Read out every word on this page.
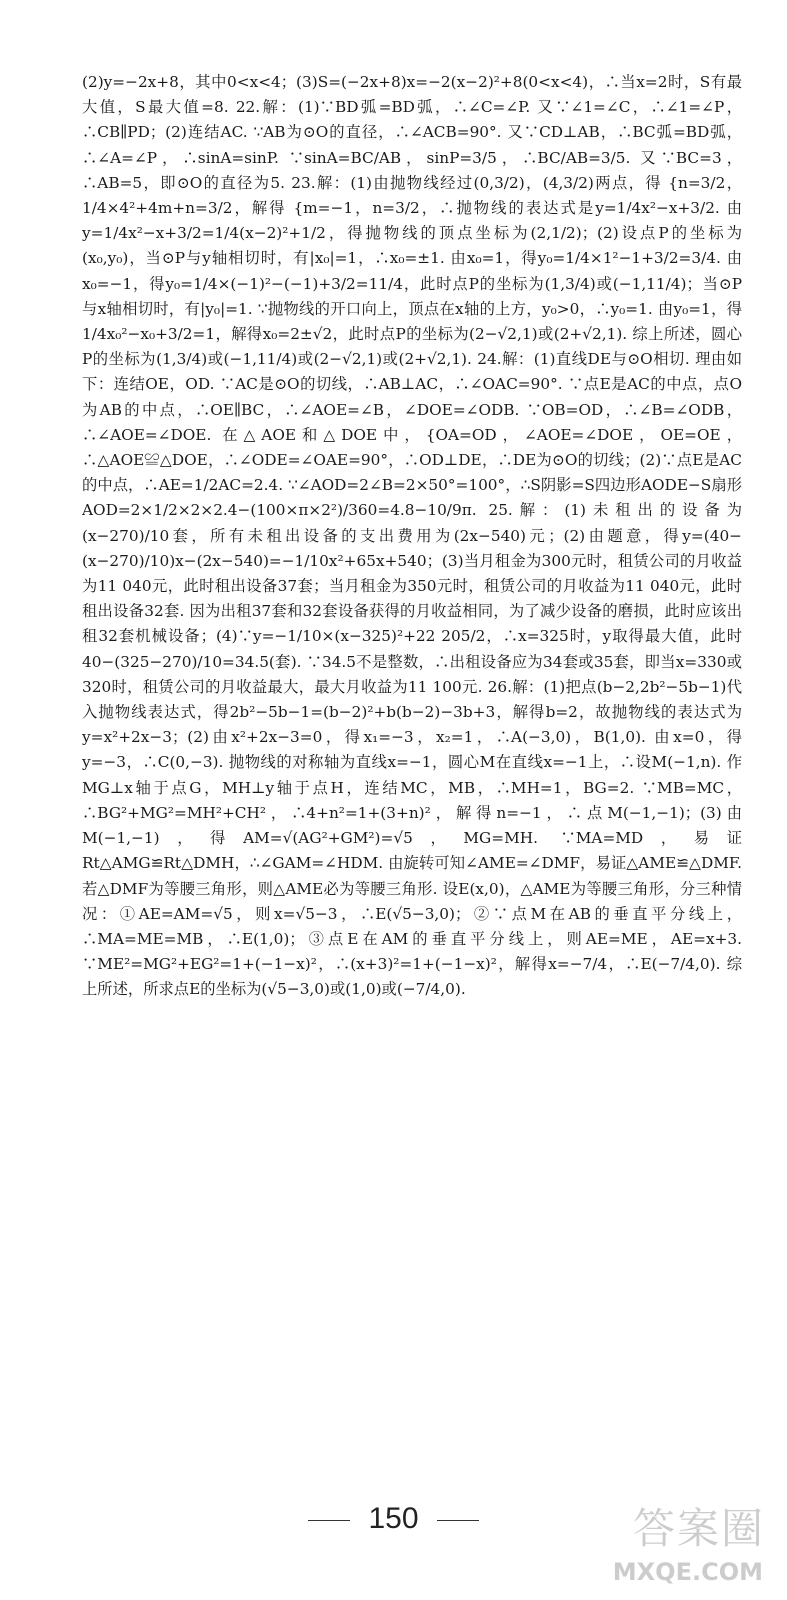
(2)y=−2x+8，其中0<x<4；(3)S=(−2x+8)x=−2(x−2)²+8(0<x<4)，∴当x=2时，S有最大值，S最大值=8. 22.解：(1)∵BD弧=BD弧，∴∠C=∠P. 又∵∠1=∠C，∴∠1=∠P，∴CB∥PD；(2)连结AC. ∵AB为⊙O的直径，∴∠ACB=90°. 又∵CD⊥AB，∴BC弧=BD弧，∴∠A=∠P，∴sinA=sinP. ∵sinA=BC/AB，sinP=3/5，∴BC/AB=3/5. 又∵BC=3，∴AB=5，即⊙O的直径为5. 23.解：(1)由抛物线经过(0,3/2)，(4,3/2)两点，得 {n=3/2，1/4×4²+4m+n=3/2，解得 {m=−1，n=3/2，∴抛物线的表达式是y=1/4x²−x+3/2. 由y=1/4x²−x+3/2=1/4(x−2)²+1/2，得抛物线的顶点坐标为(2,1/2)；(2)设点P的坐标为(x₀,y₀)，当⊙P与y轴相切时，有|x₀|=1，∴x₀=±1. 由x₀=1，得y₀=1/4×1²−1+3/2=3/4. 由x₀=−1，得y₀=1/4×(−1)²−(−1)+3/2=11/4，此时点P的坐标为(1,3/4)或(−1,11/4)；当⊙P与x轴相切时，有|y₀|=1. ∵抛物线的开口向上，顶点在x轴的上方，y₀>0，∴y₀=1. 由y₀=1，得1/4x₀²−x₀+3/2=1，解得x₀=2±√2，此时点P的坐标为(2−√2,1)或(2+√2,1). 综上所述，圆心P的坐标为(1,3/4)或(−1,11/4)或(2−√2,1)或(2+√2,1). 24.解：(1)直线DE与⊙O相切. 理由如下：连结OE，OD. ∵AC是⊙O的切线，∴AB⊥AC，∴∠OAC=90°. ∵点E是AC的中点，点O为AB的中点，∴OE∥BC，∴∠AOE=∠B，∠DOE=∠ODB. ∵OB=OD，∴∠B=∠ODB，∴∠AOE=∠DOE. 在△AOE和△DOE中，{OA=OD，∠AOE=∠DOE，OE=OE，∴△AOE≌△DOE，∴∠ODE=∠OAE=90°，∴OD⊥DE，∴DE为⊙O的切线；(2)∵点E是AC的中点，∴AE=1/2AC=2.4. ∵∠AOD=2∠B=2×50°=100°，∴S阴影=S四边形AODE−S扇形AOD=2×1/2×2×2.4−(100×π×2²)/360=4.8−10/9π. 25.解：(1)未租出的设备为(x−270)/10套，所有未租出设备的支出费用为(2x−540)元；(2)由题意，得y=(40−(x−270)/10)x−(2x−540)=−1/10x²+65x+540；(3)当月租金为300元时，租赁公司的月收益为11 040元，此时租出设备37套；当月租金为350元时，租赁公司的月收益为11 040元，此时租出设备32套. 因为出租37套和32套设备获得的月收益相同，为了减少设备的磨损，此时应该出租32套机械设备；(4)∵y=−1/10×(x−325)²+22 205/2，∴x=325时，y取得最大值，此时40−(325−270)/10=34.5(套). ∵34.5不是整数，∴出租设备应为34套或35套，即当x=330或320时，租赁公司的月收益最大，最大月收益为11 100元. 26.解：(1)把点(b−2,2b²−5b−1)代入抛物线表达式，得2b²−5b−1=(b−2)²+b(b−2)−3b+3，解得b=2，故抛物线的表达式为y=x²+2x−3；(2)由x²+2x−3=0，得x₁=−3，x₂=1，∴A(−3,0)，B(1,0). 由x=0，得y=−3，∴C(0,−3). 抛物线的对称轴为直线x=−1，圆心M在直线x=−1上，∴设M(−1,n). 作MG⊥x轴于点G，MH⊥y轴于点H，连结MC，MB，∴MH=1，BG=2. ∵MB=MC，∴BG²+MG²=MH²+CH²，∴4+n²=1+(3+n)²，解得n=−1，∴点M(−1,−1)；(3)由M(−1,−1)，得AM=√(AG²+GM²)=√5，MG=MH. ∵MA=MD，易证Rt△AMG≌Rt△DMH，∴∠GAM=∠HDM. 由旋转可知∠AME=∠DMF，易证△AME≌△DMF. 若△DMF为等腰三角形，则△AME必为等腰三角形. 设E(x,0)，△AME为等腰三角形，分三种情况：①AE=AM=√5，则x=√5−3，∴E(√5−3,0)；②∵点M在AB的垂直平分线上，∴MA=ME=MB，∴E(1,0)；③点E在AM的垂直平分线上，则AE=ME，AE=x+3. ∵ME²=MG²+EG²=1+(−1−x)²，∴(x+3)²=1+(−1−x)²，解得x=−7/4，∴E(−7/4,0). 综上所述，所求点E的坐标为(√5−3,0)或(1,0)或(−7/4,0).

150	答案圈
MXQE.COM
